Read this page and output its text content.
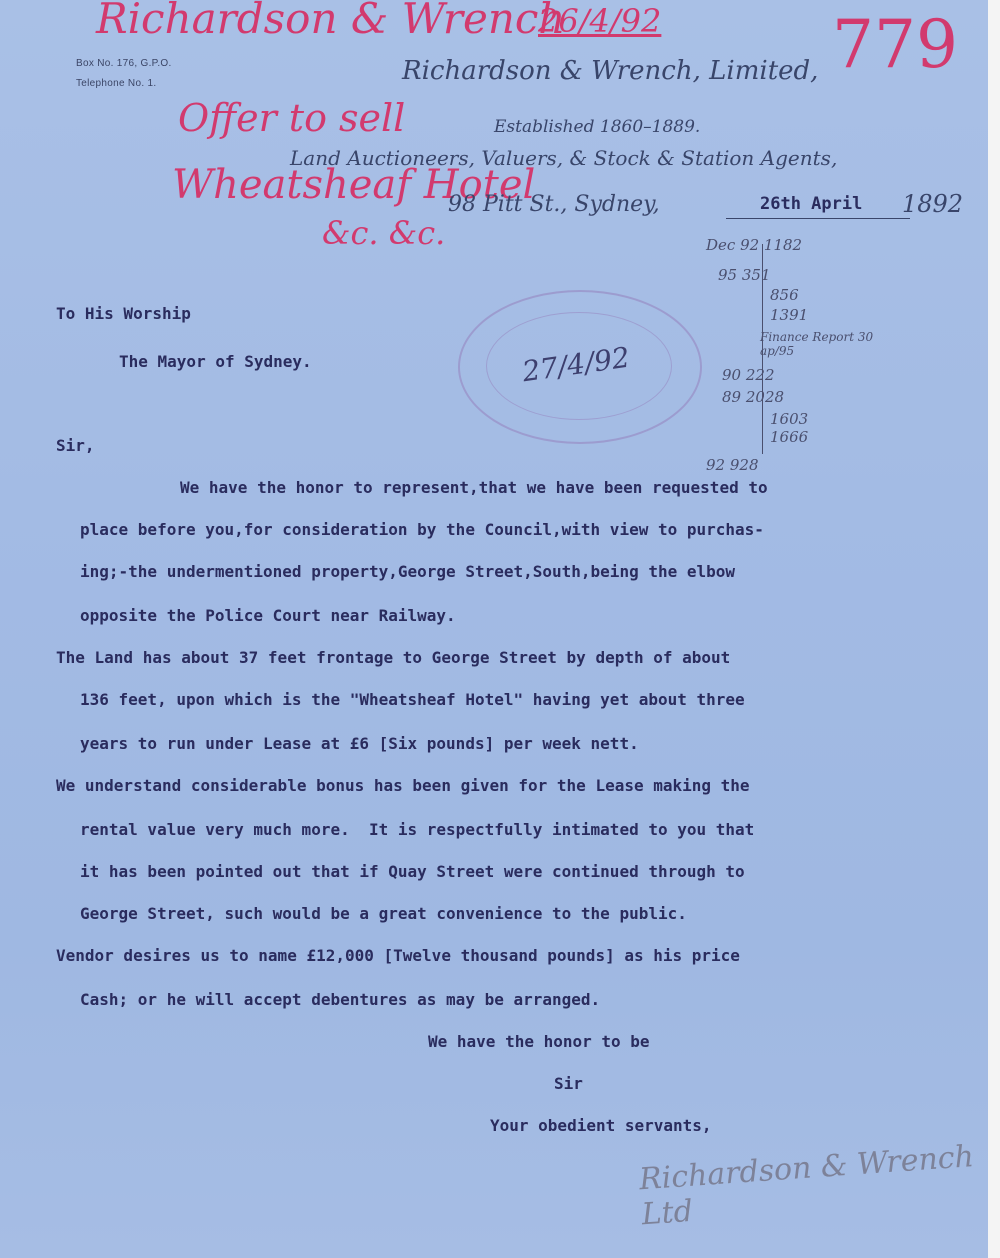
Richardson & Wrench
26/4/92	779
Offer to sell
Wheatsheaf Hotel
&c. &c.
Box No. 176, G.P.O.
Telephone No. 1.	Richardson & Wrench, Limited,
Established 1860–1889.
Land Auctioneers, Valuers, & Stock & Station Agents,
98 Pitt St., Sydney,	26th April 1892
Dec 92 1182
95 351
856
1391
Finance Report 30 ap/95
90 222
89 2028
1603
1666
92 928
27/4/92
To His Worship
The Mayor of Sydney.
Sir,
We have the honor to represent,that we have been requested to
place before you,for consideration by the Council,with view to purchas-
ing;-the undermentioned property,George Street,South,being the elbow
opposite the Police Court near Railway.
The Land has about 37 feet frontage to George Street by depth of about
136 feet, upon which is the "Wheatsheaf Hotel" having yet about three
years to run under Lease at £6 [Six pounds] per week nett.
We understand considerable bonus has been given for the Lease making the
rental value very much more.  It is respectfully intimated to you that
it has been pointed out that if Quay Street were continued through to
George Street, such would be a great convenience to the public.
Vendor desires us to name £12,000 [Twelve thousand pounds] as his price
Cash; or he will accept debentures as may be arranged.
We have the honor to be
Sir
Your obedient servants,
Richardson & Wrench Ltd
